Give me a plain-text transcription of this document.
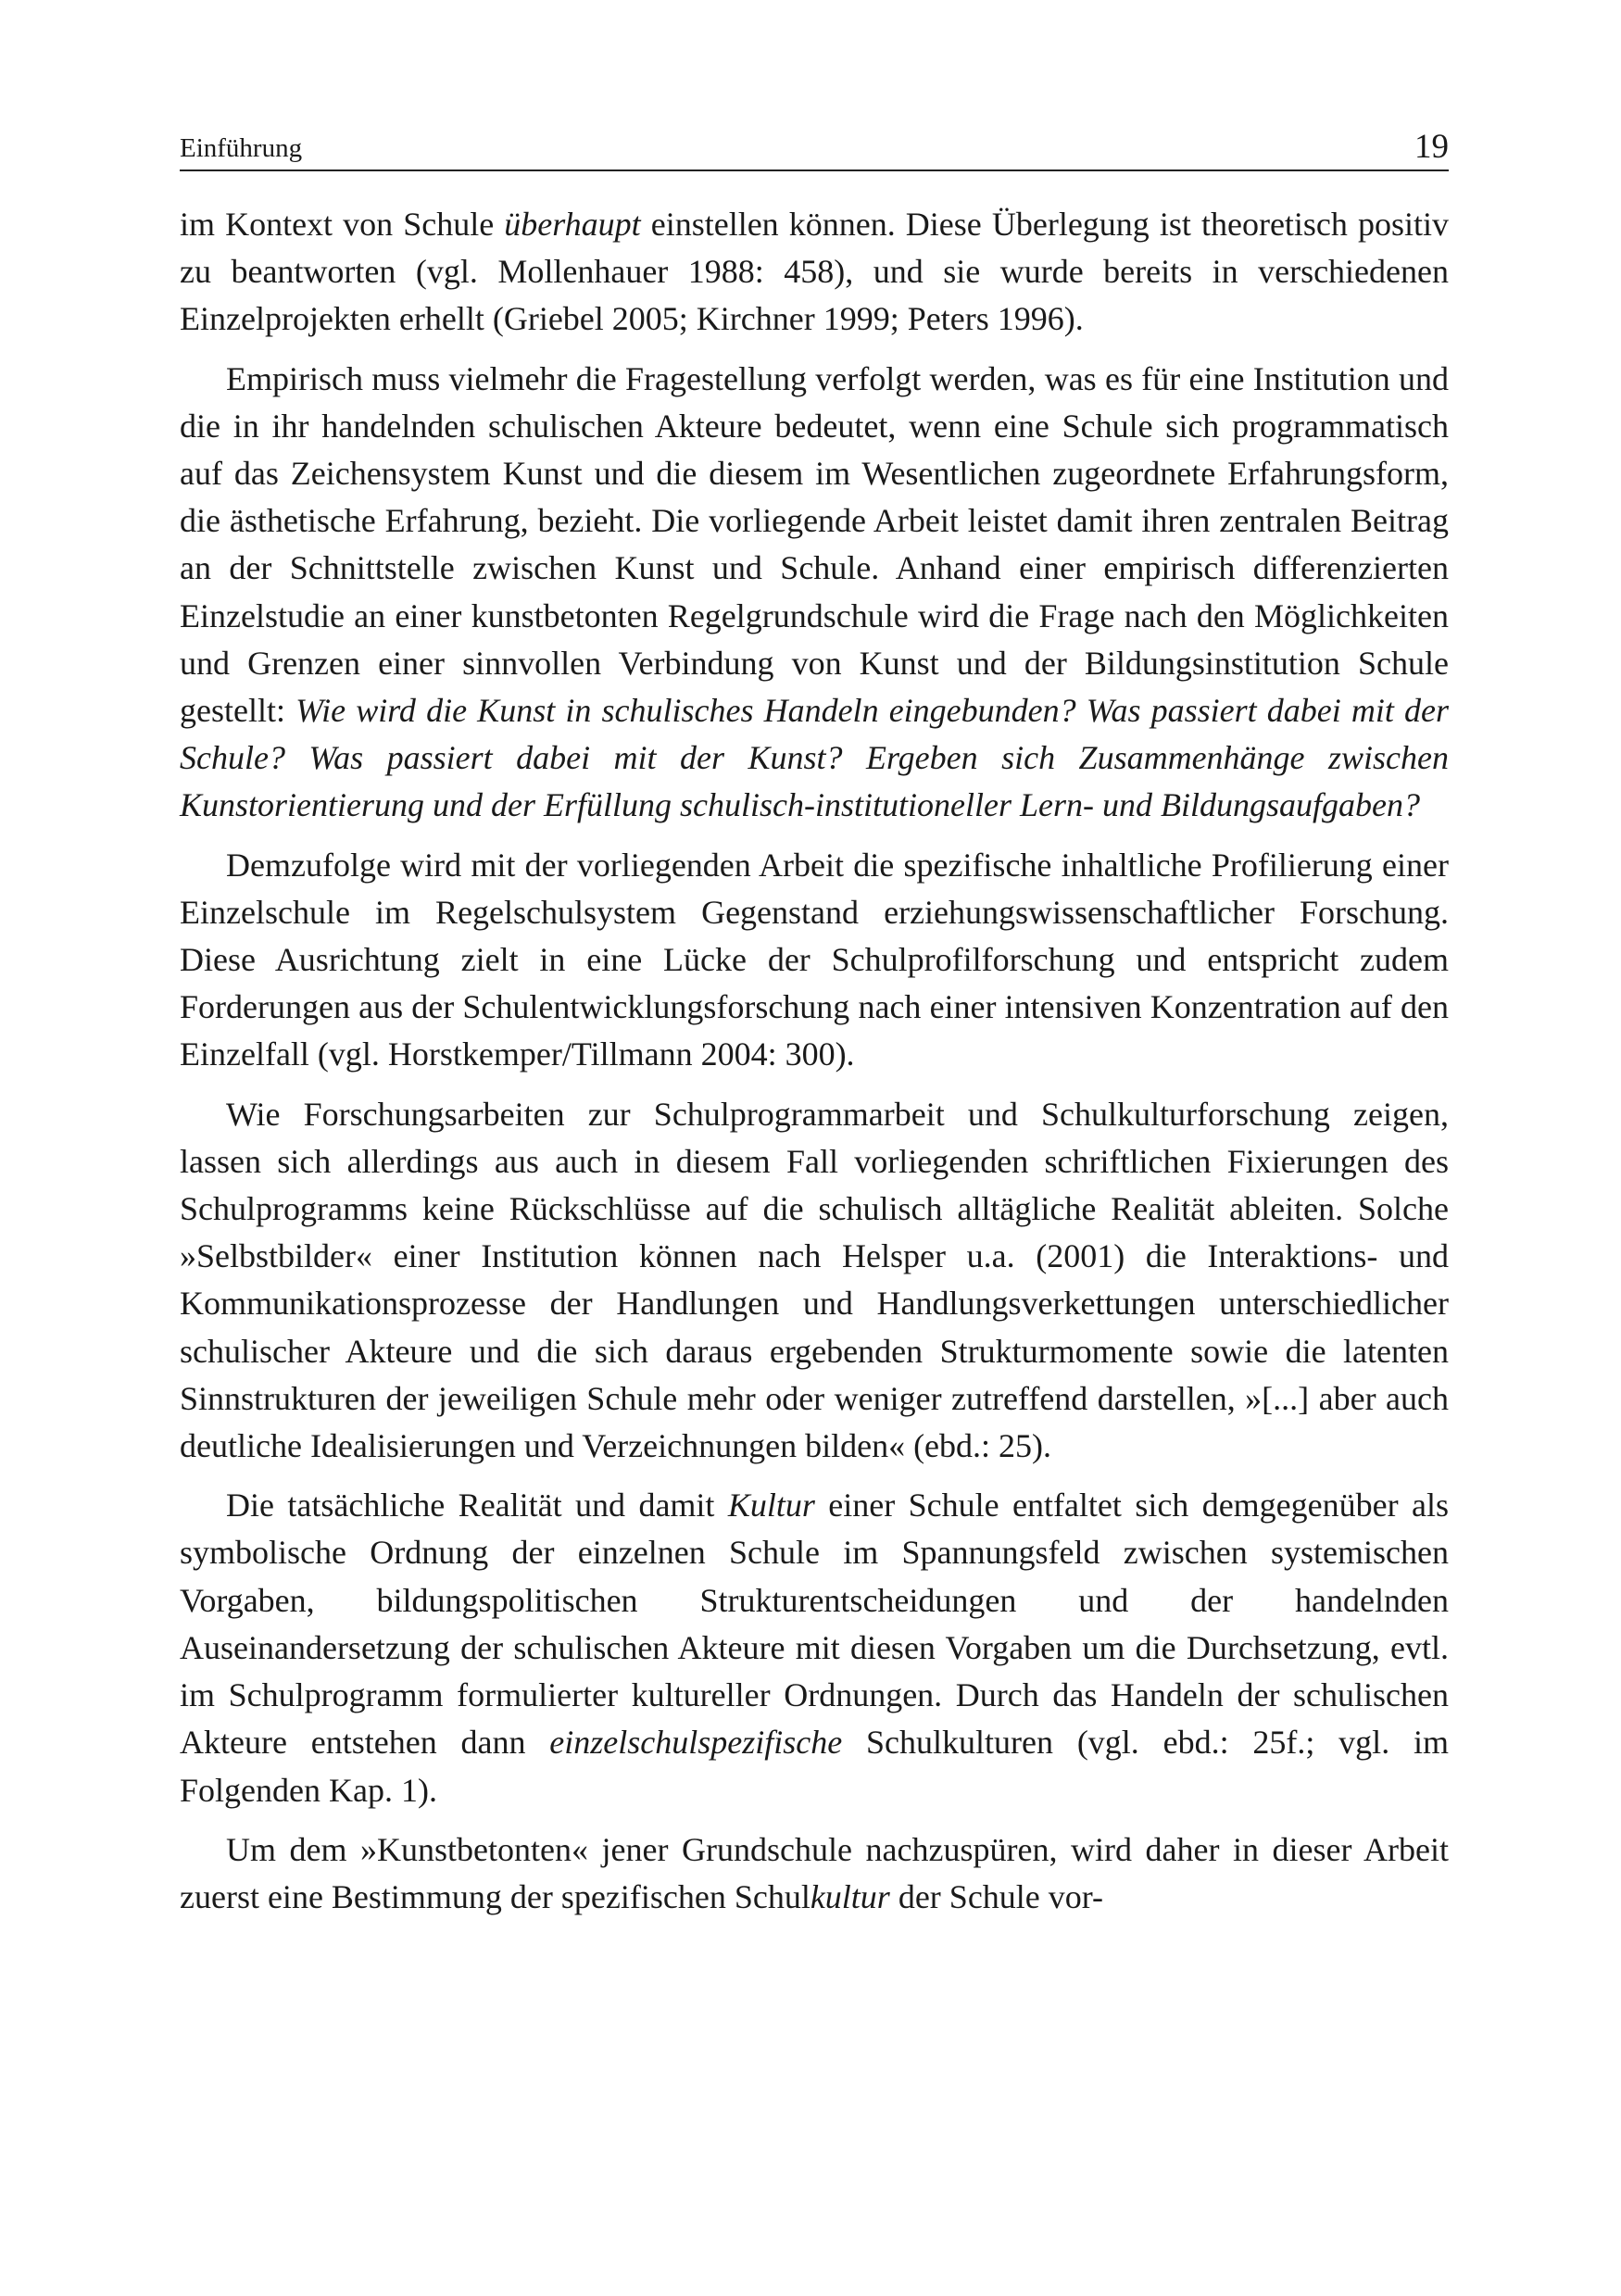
Einführung	19

im Kontext von Schule überhaupt einstellen können. Diese Überlegung ist theoretisch positiv zu beantworten (vgl. Mollenhauer 1988: 458), und sie wurde bereits in verschiedenen Einzelprojekten erhellt (Griebel 2005; Kirchner 1999; Peters 1996).

Empirisch muss vielmehr die Fragestellung verfolgt werden, was es für eine Institution und die in ihr handelnden schulischen Akteure bedeutet, wenn eine Schule sich programmatisch auf das Zeichensystem Kunst und die diesem im Wesentlichen zugeordnete Erfahrungsform, die ästhetische Erfahrung, bezieht. Die vorliegende Arbeit leistet damit ihren zentralen Beitrag an der Schnittstelle zwischen Kunst und Schule. Anhand einer empirisch differenzierten Einzelstudie an einer kunstbetonten Regelgrundschule wird die Frage nach den Möglichkeiten und Grenzen einer sinnvollen Verbindung von Kunst und der Bildungsinstitution Schule gestellt: Wie wird die Kunst in schulisches Handeln eingebunden? Was passiert dabei mit der Schule? Was passiert dabei mit der Kunst? Ergeben sich Zusammenhänge zwischen Kunstorientierung und der Erfüllung schulisch-institutioneller Lern- und Bildungsaufgaben?

Demzufolge wird mit der vorliegenden Arbeit die spezifische inhaltliche Profilierung einer Einzelschule im Regelschulsystem Gegenstand erziehungswissenschaftlicher Forschung. Diese Ausrichtung zielt in eine Lücke der Schulprofilforschung und entspricht zudem Forderungen aus der Schulentwicklungsforschung nach einer intensiven Konzentration auf den Einzelfall (vgl. Horstkemper/Tillmann 2004: 300).

Wie Forschungsarbeiten zur Schulprogrammarbeit und Schulkulturforschung zeigen, lassen sich allerdings aus auch in diesem Fall vorliegenden schriftlichen Fixierungen des Schulprogramms keine Rückschlüsse auf die schulisch alltägliche Realität ableiten. Solche »Selbstbilder« einer Institution können nach Helsper u.a. (2001) die Interaktions- und Kommunikationsprozesse der Handlungen und Handlungsverkettungen unterschiedlicher schulischer Akteure und die sich daraus ergebenden Strukturmomente sowie die latenten Sinnstrukturen der jeweiligen Schule mehr oder weniger zutreffend darstellen, »[...] aber auch deutliche Idealisierungen und Verzeichnungen bilden« (ebd.: 25).

Die tatsächliche Realität und damit Kultur einer Schule entfaltet sich demgegenüber als symbolische Ordnung der einzelnen Schule im Spannungsfeld zwischen systemischen Vorgaben, bildungspolitischen Strukturentscheidungen und der handelnden Auseinandersetzung der schulischen Akteure mit diesen Vorgaben um die Durchsetzung, evtl. im Schulprogramm formulierter kultureller Ordnungen. Durch das Handeln der schulischen Akteure entstehen dann einzelschulspezifische Schulkulturen (vgl. ebd.: 25f.; vgl. im Folgenden Kap. 1).

Um dem »Kunstbetonten« jener Grundschule nachzuspüren, wird daher in dieser Arbeit zuerst eine Bestimmung der spezifischen Schulkultur der Schule vor-
